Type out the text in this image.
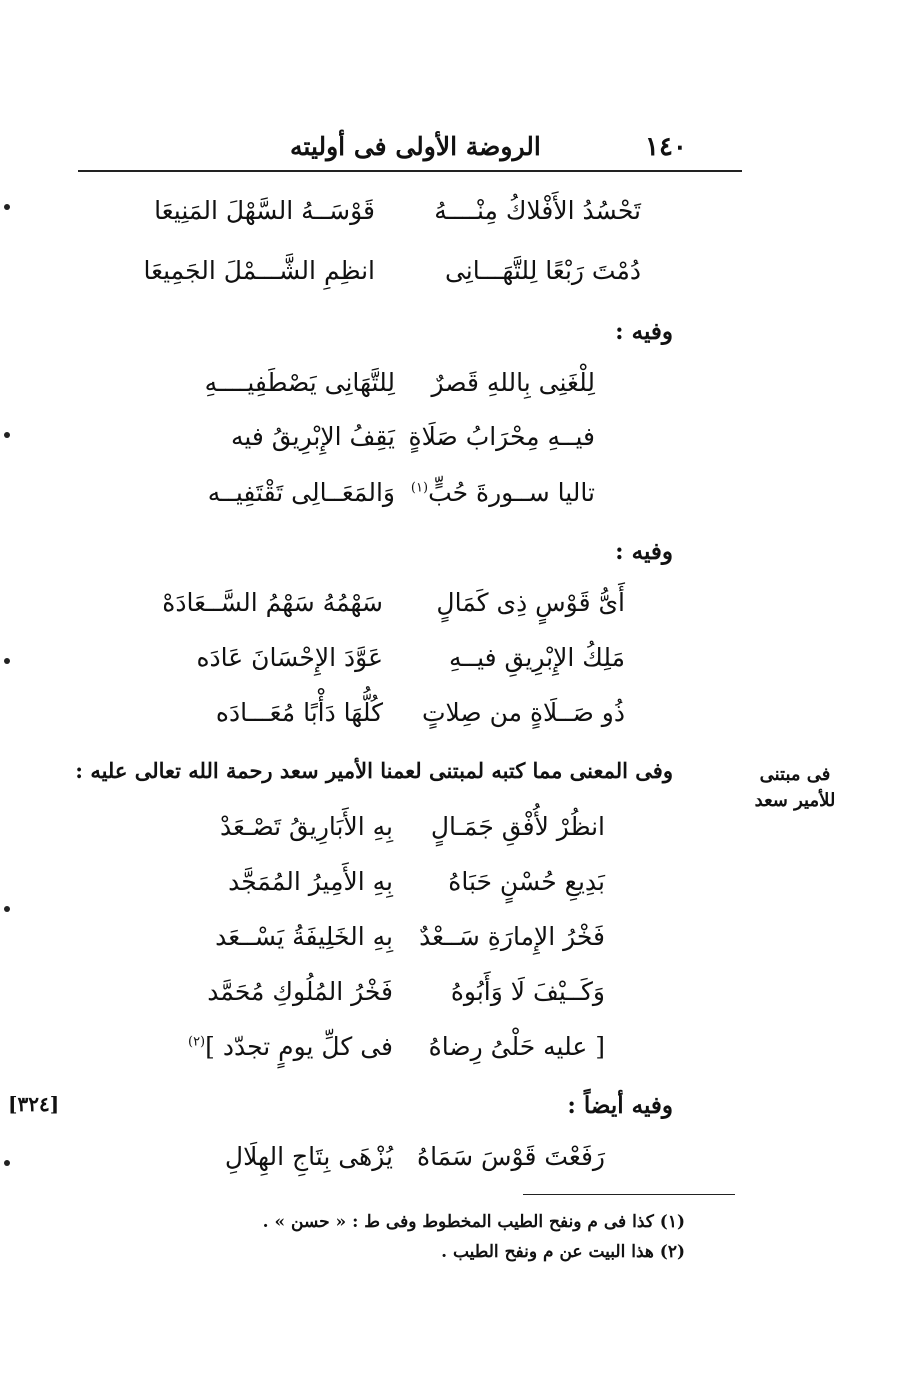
١٤٠
الروضة الأولى فى أوليته
تَحْسُدُ الأَفْلاكُ مِنْــــهُ
قَوْسَــهُ السَّهْلَ المَنِيعَا
دُمْتَ رَبْعًا لِلتَّهَـــانِى
انظِمِ الشَّـــمْلَ الجَمِيعَا
وفيه :
لِلْغَنِى بِاللهِ قَصرٌ
لِلتَّهَانِى يَصْطَفِيــــهِ
فيــهِ مِحْرَابُ صَلَاةٍ
يَقِفُ الإِبْرِيقُ فيه
تاليا ســورةَ حُبٍّ$^{(١)}$
وَالمَعَــالِى تَقْتَفِيــه
وفيه :
أَىُّ قَوْسٍ ذِى كَمَالٍ
سَهْمُهُ سَهْمُ السَّــعَادَهْ
مَلِكُ الإِبْرِيقِ فيــهِ
عَوَّدَ الإِحْسَانَ عَادَه
ذُو صَــلَاةٍ من صِلاتٍ
كُلُّهَا دَأْبًا مُعَـــادَه
وفى المعنى مما كتبه لمبتنى لعمنا الأمير سعد رحمة الله تعالى عليه :	فى مبتنى
للأمير سعد
انظُرْ لأُفْقِ جَمَـالٍ
بِهِ الأَبَارِيقُ تَصْـعَدْ
بَدِيعِ حُسْنٍ حَبَاهُ
بِهِ الأَمِيرُ المُمَجَّد
فَخْرُ الإِمارَةِ سَــعْدٌ
بِهِ الخَلِيفَةُ يَسْــعَد
وَكَــيْفَ لَا وَأَبُوهُ
فَخْرُ المُلُوكِ مُحَمَّد
[ عليه حَلْىُ رِضاهُ
فى كلِّ يومٍ تجدّد ]$^{(٢)}$
[٣٢٤]	وفيه أيضاً :
رَفَعْتَ قَوْسَ سَمَاهُ
يُزْهَى بِتَاجِ الهِلَالِ
(١) كذا فى م ونفح الطيب المخطوط وفى ط : « حسن » .
(٢) هذا البيت عن م ونفح الطيب .
